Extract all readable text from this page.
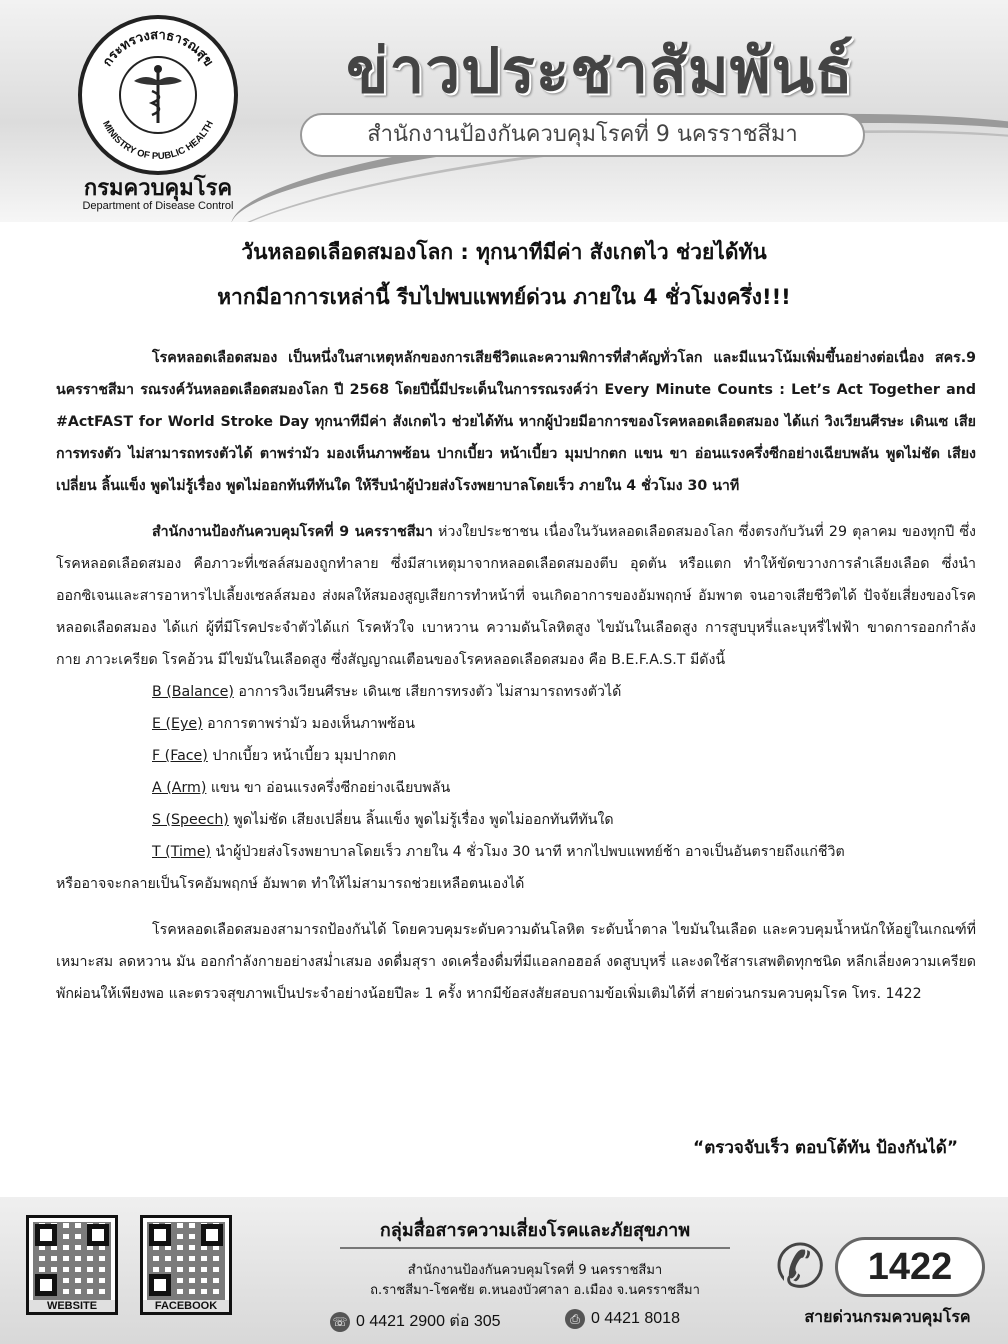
กระทรวงสาธารณสุข
MINISTRY OF PUBLIC HEALTH
กรมควบคุมโรค
Department of Disease Control
ข่าวประชาสัมพันธ์
สำนักงานป้องกันควบคุมโรคที่ 9 นครราชสีมา
วันหลอดเลือดสมองโลก : ทุกนาทีมีค่า สังเกตไว ช่วยได้ทัน
หากมีอาการเหล่านี้ รีบไปพบแพทย์ด่วน ภายใน 4 ชั่วโมงครึ่ง!!!

โรคหลอดเลือดสมอง เป็นหนึ่งในสาเหตุหลักของการเสียชีวิตและความพิการที่สำคัญทั่วโลก และมีแนวโน้มเพิ่มขึ้นอย่างต่อเนื่อง สคร.9 นครราชสีมา รณรงค์วันหลอดเลือดสมองโลก ปี 2568 โดยปีนี้มีประเด็นในการรณรงค์ว่า Every Minute Counts : Let’s Act Together and #ActFAST for World Stroke Day ทุกนาทีมีค่า สังเกตไว ช่วยได้ทัน หากผู้ป่วยมีอาการของโรคหลอดเลือดสมอง ได้แก่ วิงเวียนศีรษะ เดินเซ เสียการทรงตัว ไม่สามารถทรงตัวได้ ตาพร่ามัว มองเห็นภาพซ้อน ปากเบี้ยว หน้าเบี้ยว มุมปากตก แขน ขา อ่อนแรงครึ่งซีกอย่างเฉียบพลัน พูดไม่ชัด เสียงเปลี่ยน ลิ้นแข็ง พูดไม่รู้เรื่อง พูดไม่ออกทันทีทันใด ให้รีบนำผู้ป่วยส่งโรงพยาบาลโดยเร็ว ภายใน 4 ชั่วโมง 30 นาที

สำนักงานป้องกันควบคุมโรคที่ 9 นครราชสีมา ห่วงใยประชาชน เนื่องในวันหลอดเลือดสมองโลก ซึ่งตรงกับวันที่ 29 ตุลาคม ของทุกปี ซึ่งโรคหลอดเลือดสมอง คือภาวะที่เซลล์สมองถูกทำลาย ซึ่งมีสาเหตุมาจากหลอดเลือดสมองตีบ อุดตัน หรือแตก ทำให้ขัดขวางการลำเลียงเลือด ซึ่งนำออกซิเจนและสารอาหารไปเลี้ยงเซลล์สมอง ส่งผลให้สมองสูญเสียการทำหน้าที่ จนเกิดอาการของอัมพฤกษ์ อัมพาต จนอาจเสียชีวิตได้ ปัจจัยเสี่ยงของโรคหลอดเลือดสมอง ได้แก่ ผู้ที่มีโรคประจำตัวได้แก่ โรคหัวใจ เบาหวาน ความดันโลหิตสูง ไขมันในเลือดสูง การสูบบุหรี่และบุหรี่ไฟฟ้า ขาดการออกกำลังกาย ภาวะเครียด โรคอ้วน มีไขมันในเลือดสูง ซึ่งสัญญาณเตือนของโรคหลอดเลือดสมอง คือ B.E.F.A.S.T มีดังนี้

B (Balance) อาการวิงเวียนศีรษะ เดินเซ เสียการทรงตัว ไม่สามารถทรงตัวได้
E (Eye) อาการตาพร่ามัว มองเห็นภาพซ้อน
F (Face) ปากเบี้ยว หน้าเบี้ยว มุมปากตก
A (Arm) แขน ขา อ่อนแรงครึ่งซีกอย่างเฉียบพลัน
S (Speech) พูดไม่ชัด เสียงเปลี่ยน ลิ้นแข็ง พูดไม่รู้เรื่อง พูดไม่ออกทันทีทันใด
T (Time) นำผู้ป่วยส่งโรงพยาบาลโดยเร็ว ภายใน 4 ชั่วโมง 30 นาที หากไปพบแพทย์ช้า อาจเป็นอันตรายถึงแก่ชีวิต
หรืออาจจะกลายเป็นโรคอัมพฤกษ์ อัมพาต ทำให้ไม่สามารถช่วยเหลือตนเองได้

โรคหลอดเลือดสมองสามารถป้องกันได้ โดยควบคุมระดับความดันโลหิต ระดับน้ำตาล ไขมันในเลือด และควบคุมน้ำหนักให้อยู่ในเกณฑ์ที่เหมาะสม ลดหวาน มัน ออกกำลังกายอย่างสม่ำเสมอ งดดื่มสุรา งดเครื่องดื่มที่มีแอลกอฮอล์ งดสูบบุหรี่ และงดใช้สารเสพติดทุกชนิด หลีกเลี่ยงความเครียด พักผ่อนให้เพียงพอ และตรวจสุขภาพเป็นประจำอย่างน้อยปีละ 1 ครั้ง หากมีข้อสงสัยสอบถามข้อเพิ่มเติมได้ที่ สายด่วนกรมควบคุมโรค โทร. 1422

“ตรวจจับเร็ว ตอบโต้ทัน ป้องกันได้”
WEBSITE	FACEBOOK
กลุ่มสื่อสารความเสี่ยงโรคและภัยสุขภาพ
สำนักงานป้องกันควบคุมโรคที่ 9 นครราชสีมา
ถ.ราชสีมา-โชคชัย ต.หนองบัวศาลา อ.เมือง จ.นครราชสีมา
☏ 0 4421 2900 ต่อ 305	⎙ 0 4421 8018
✆	1422
สายด่วนกรมควบคุมโรค
